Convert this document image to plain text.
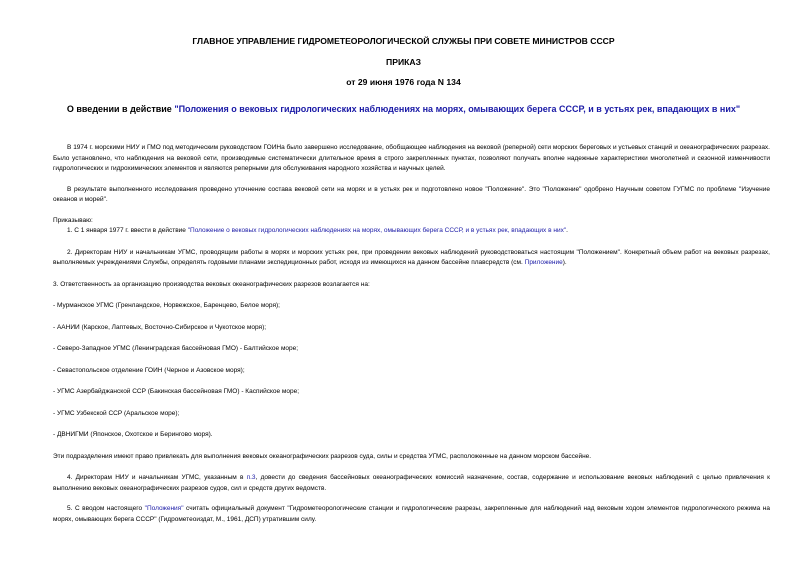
ГЛАВНОЕ УПРАВЛЕНИЕ ГИДРОМЕТЕОРОЛОГИЧЕСКОЙ СЛУЖБЫ ПРИ СОВЕТЕ МИНИСТРОВ СССР
ПРИКАЗ
от 29 июня 1976 года N 134
О введении в действие "Положения о вековых гидрологических наблюдениях на морях, омывающих берега СССР, и в устьях рек, впадающих в них"

В 1974 г. морскими НИУ и ГМО под методическим руководством ГОИНа было завершено исследование, обобщающее наблюдения на вековой (реперной) сети морских береговых и устьевых станций и океанографических разрезах. Было установлено, что наблюдения на вековой сети, производимые систематически длительное время в строго закрепленных пунктах, позволяют получать вполне надежные характеристики многолетней и сезонной изменчивости гидрологических и гидрохимических элементов и являются реперными для обслуживания народного хозяйства и научных целей.

В результате выполненного исследования проведено уточнение состава вековой сети на морях и в устьях рек и подготовлено новое "Положение". Это "Положение" одобрено Научным советом ГУГМС по проблеме "Изучение океанов и морей".

Приказываю:

1. С 1 января 1977 г. ввести в действие "Положение о вековых гидрологических наблюдениях на морях, омывающих берега СССР, и в устьях рек, впадающих в них".

2. Директорам НИУ и начальникам УГМС, проводящим работы в морях и морских устьях рек, при проведении вековых наблюдений руководствоваться настоящим "Положением". Конкретный объем работ на вековых разрезах, выполняемых учреждениями Службы, определять годовыми планами экспедиционных работ, исходя из имеющихся на данном бассейне плавсредств (см. Приложение).

3. Ответственность за организацию производства вековых океанографических разрезов возлагается на:

- Мурманское УГМС (Гренландское, Норвежское, Баренцево, Белое моря);

- ААНИИ (Карское, Лаптевых, Восточно-Сибирское и Чукотское моря);

- Северо-Западное УГМС (Ленинградская бассейновая ГМО) - Балтийское море;

- Севастопольское отделение ГОИН (Черное и Азовское моря);

- УГМС Азербайджанской ССР (Бакинская бассейновая ГМО) - Каспийское море;

- УГМС Узбекской ССР (Аральское море);

- ДВНИГМИ (Японское, Охотское и Берингово моря).

Эти подразделения имеют право привлекать для выполнения вековых океанографических разрезов суда, силы и средства УГМС, расположенные на данном морском бассейне.

4. Директорам НИУ и начальникам УГМС, указанным в п.3, довести до сведения бассейновых океанографических комиссий назначение, состав, содержание и использование вековых наблюдений с целью привлечения к выполнению вековых океанографических разрезов судов, сил и средств других ведомств.

5. С вводом настоящего "Положения" считать официальный документ "Гидрометеорологические станции и гидрологические разрезы, закрепленные для наблюдений над вековым ходом элементов гидрологического режима на морях, омывающих берега СССР" (Гидрометеоиздат, М., 1961, ДСП) утратившим силу.
